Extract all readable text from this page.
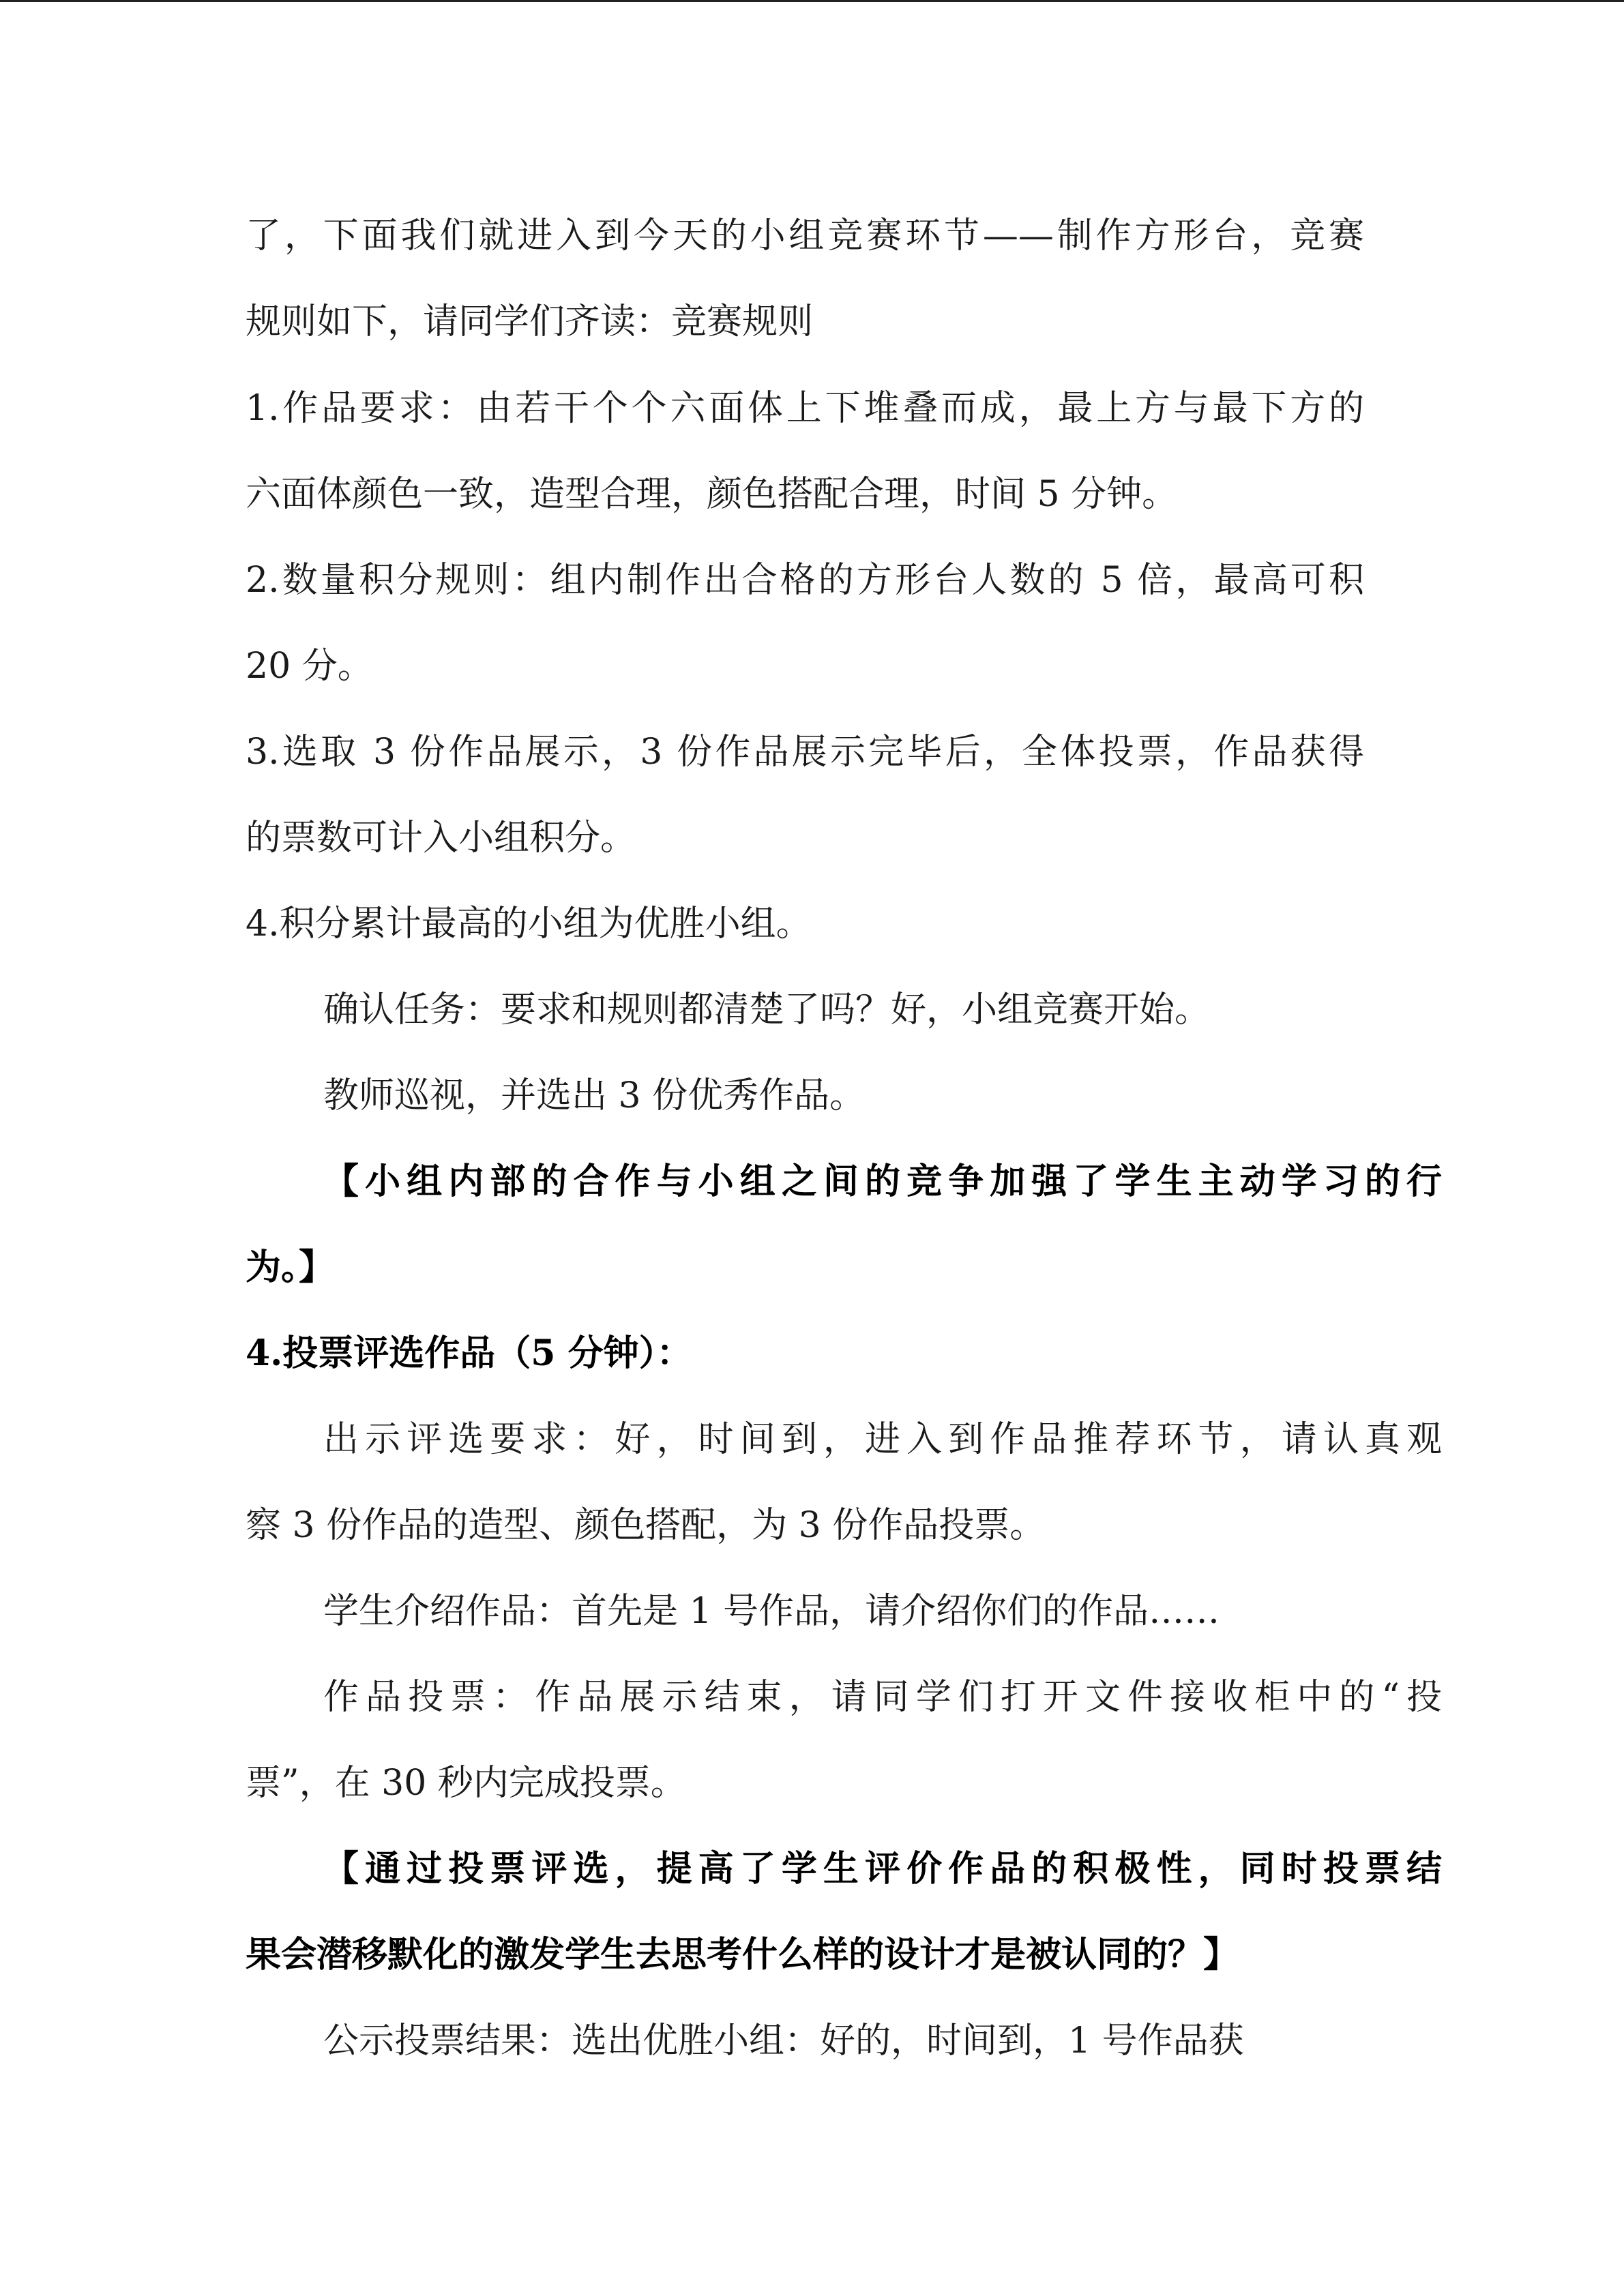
了，下面我们就进入到今天的小组竞赛环节——制作方形台，竞赛
规则如下，请同学们齐读：竞赛规则
1.作品要求：由若干个个六面体上下堆叠而成，最上方与最下方的
六面体颜色一致，造型合理，颜色搭配合理，时间 5 分钟。
2.数量积分规则：组内制作出合格的方形台人数的 5 倍，最高可积
20 分。
3.选取 3 份作品展示，3 份作品展示完毕后，全体投票，作品获得
的票数可计入小组积分。
4.积分累计最高的小组为优胜小组。
确认任务：要求和规则都清楚了吗？好，小组竞赛开始。
教师巡视，并选出 3 份优秀作品。
【小组内部的合作与小组之间的竞争加强了学生主动学习的行
为。】
4.投票评选作品（5 分钟）：
出示评选要求：好，时间到，进入到作品推荐环节，请认真观
察 3 份作品的造型、颜色搭配，为 3 份作品投票。
学生介绍作品：首先是 1 号作品，请介绍你们的作品……
作品投票：作品展示结束，请同学们打开文件接收柜中的“投
票”，在 30 秒内完成投票。
【通过投票评选，提高了学生评价作品的积极性，同时投票结
果会潜移默化的激发学生去思考什么样的设计才是被认同的？】
公示投票结果：选出优胜小组：好的，时间到，1 号作品获
